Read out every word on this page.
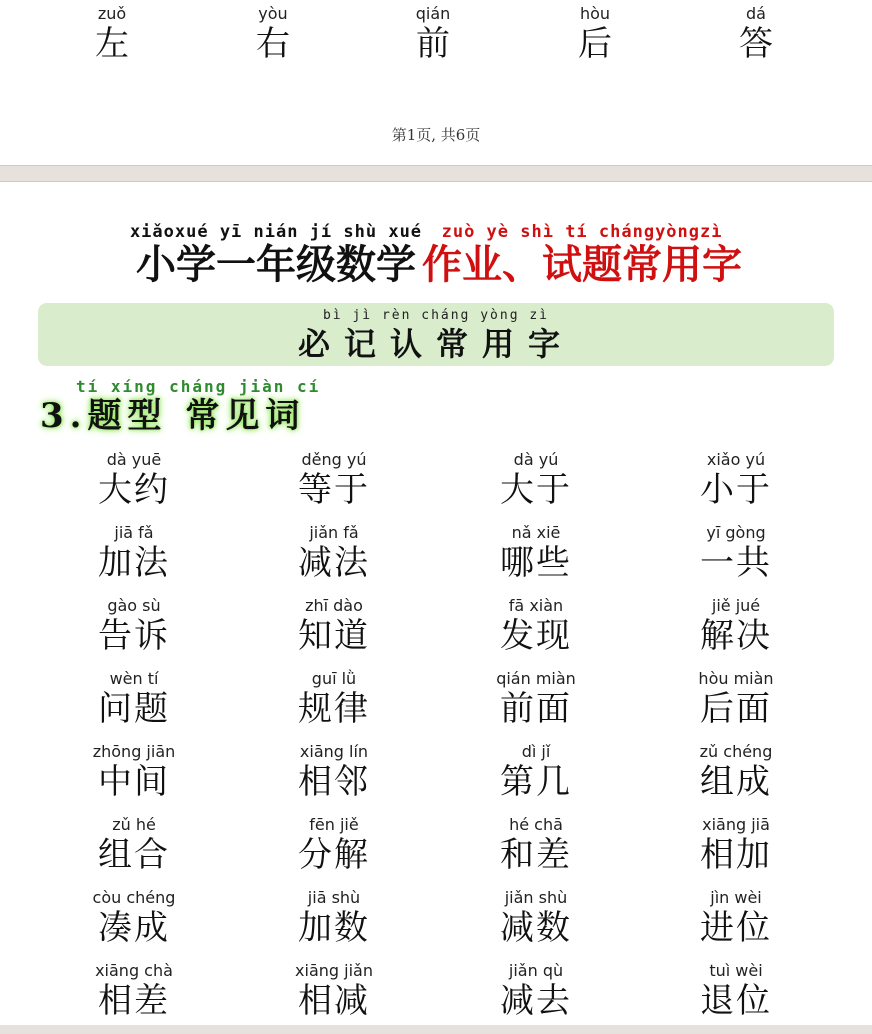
zuǒ
左
yòu
右
qián
前
hòu
后
dá
答
第1页, 共6页
xiǎoxué yī nián jí shù xué
小学一年级数学
zuò yè shì tí chángyòngzì
作业、试题常用字
bì jì rèn cháng yòng zì
必记认常用字
tí xíng cháng jiàn cí
3.题型 常见词
dà yuē
大约
děng yú
等于
dà yú
大于
xiǎo yú
小于
jiā fǎ
加法
jiǎn fǎ
减法
nǎ xiē
哪些
yī gòng
一共
gào sù
告诉
zhī dào
知道
fā xiàn
发现
jiě jué
解决
wèn tí
问题
guī lǜ
规律
qián miàn
前面
hòu miàn
后面
zhōng jiān
中间
xiāng lín
相邻
dì jǐ
第几
zǔ chéng
组成
zǔ hé
组合
fēn jiě
分解
hé chā
和差
xiāng jiā
相加
còu chéng
凑成
jiā shù
加数
jiǎn shù
减数
jìn wèi
进位
xiāng chà
相差
xiāng jiǎn
相减
jiǎn qù
减去
tuì wèi
退位
